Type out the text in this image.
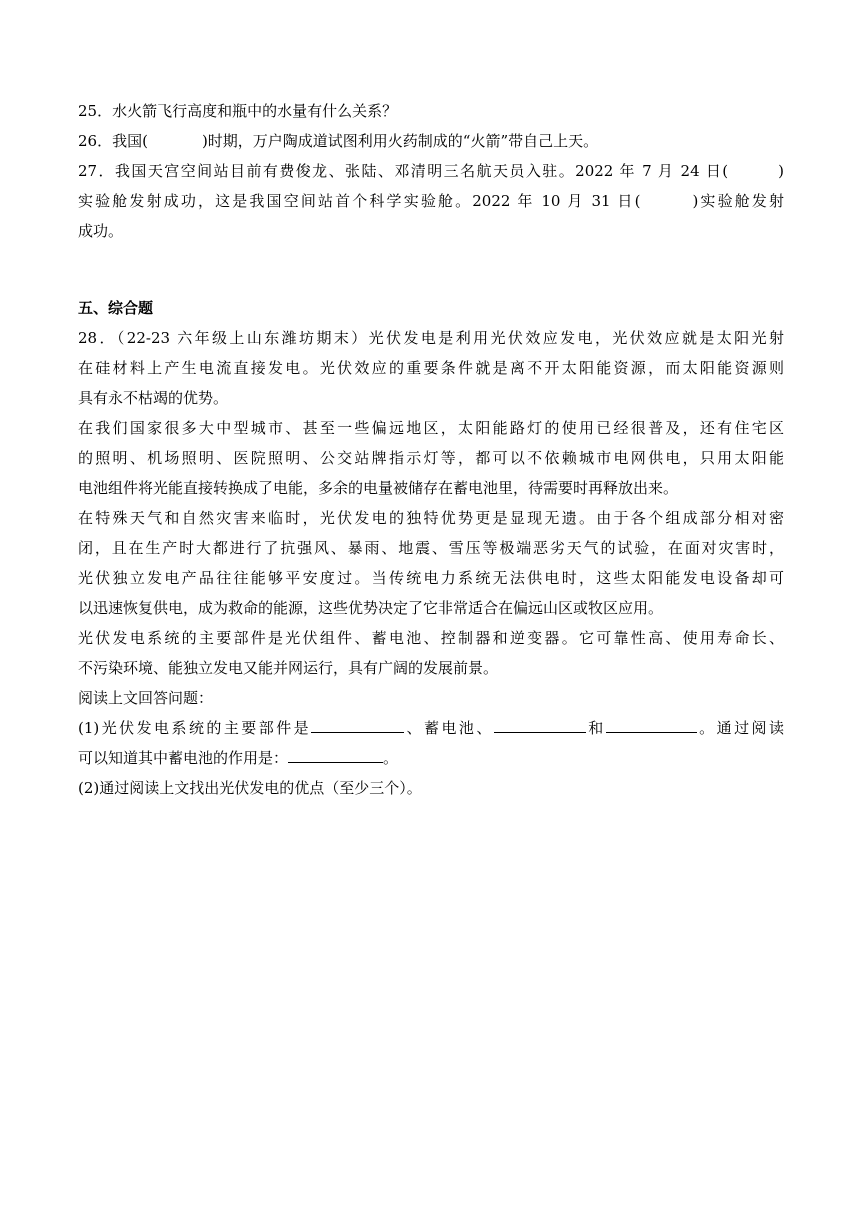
25．水火箭飞行高度和瓶中的水量有什么关系？
26．我国(	)时期，万户陶成道试图利用火药制成的“火箭”带自己上天。
27．我国天宫空间站目前有费俊龙、张陆、邓清明三名航天员入驻。2022 年 7 月 24 日(	)
实验舱发射成功，这是我国空间站首个科学实验舱。2022 年 10 月 31 日(	)实验舱发射
成功。
五、综合题
28．（22-23 六年级上山东潍坊期末）光伏发电是利用光伏效应发电，光伏效应就是太阳光射
在硅材料上产生电流直接发电。光伏效应的重要条件就是离不开太阳能资源，而太阳能资源则
具有永不枯竭的优势。
在我们国家很多大中型城市、甚至一些偏远地区，太阳能路灯的使用已经很普及，还有住宅区
的照明、机场照明、医院照明、公交站牌指示灯等，都可以不依赖城市电网供电，只用太阳能
电池组件将光能直接转换成了电能，多余的电量被储存在蓄电池里，待需要时再释放出来。
在特殊天气和自然灾害来临时，光伏发电的独特优势更是显现无遗。由于各个组成部分相对密
闭，且在生产时大都进行了抗强风、暴雨、地震、雪压等极端恶劣天气的试验，在面对灾害时，
光伏独立发电产品往往能够平安度过。当传统电力系统无法供电时，这些太阳能发电设备却可
以迅速恢复供电，成为救命的能源，这些优势决定了它非常适合在偏远山区或牧区应用。
光伏发电系统的主要部件是光伏组件、蓄电池、控制器和逆变器。它可靠性高、使用寿命长、
不污染环境、能独立发电又能并网运行，具有广阔的发展前景。
阅读上文回答问题：
(1)光伏发电系统的主要部件是	、蓄电池、	和	。通过阅读
可以知道其中蓄电池的作用是：	。
(2)通过阅读上文找出光伏发电的优点（至少三个）。
